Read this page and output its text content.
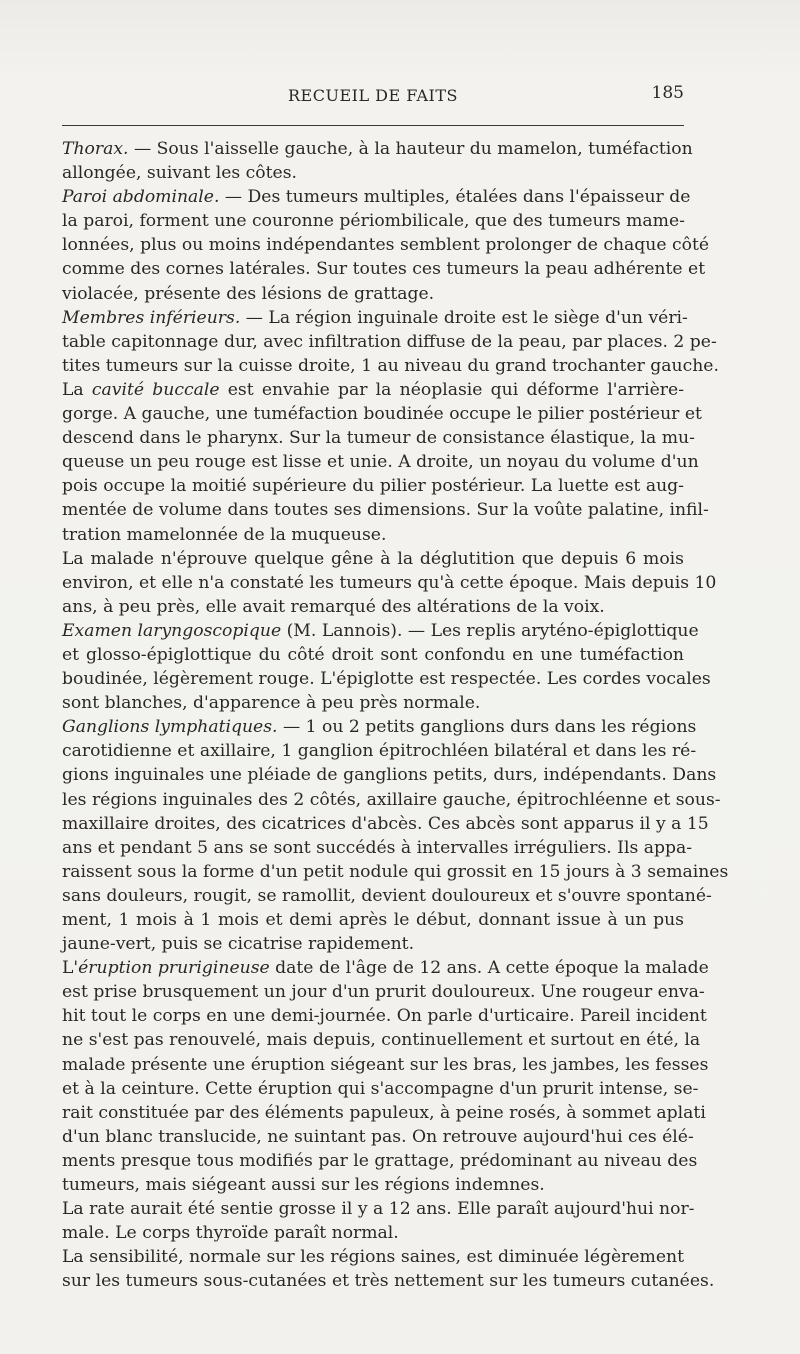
RECUEIL DE FAITS	185
Thorax. — Sous l'aisselle gauche, à la hauteur du mamelon, tuméfaction
allongée, suivant les côtes.
Paroi abdominale. — Des tumeurs multiples, étalées dans l'épaisseur de
la paroi, forment une couronne périombilicale, que des tumeurs mame-
lonnées, plus ou moins indépendantes semblent prolonger de chaque côté
comme des cornes latérales. Sur toutes ces tumeurs la peau adhérente et
violacée, présente des lésions de grattage.
Membres inférieurs. — La région inguinale droite est le siège d'un véri-
table capitonnage dur, avec infiltration diffuse de la peau, par places. 2 pe-
tites tumeurs sur la cuisse droite, 1 au niveau du grand trochanter gauche.
La cavité buccale est envahie par la néoplasie qui déforme l'arrière-
gorge. A gauche, une tuméfaction boudinée occupe le pilier postérieur et
descend dans le pharynx. Sur la tumeur de consistance élastique, la mu-
queuse un peu rouge est lisse et unie. A droite, un noyau du volume d'un
pois occupe la moitié supérieure du pilier postérieur. La luette est aug-
mentée de volume dans toutes ses dimensions. Sur la voûte palatine, infil-
tration mamelonnée de la muqueuse.
La malade n'éprouve quelque gêne à la déglutition que depuis 6 mois
environ, et elle n'a constaté les tumeurs qu'à cette époque. Mais depuis 10
ans, à peu près, elle avait remarqué des altérations de la voix.
Examen laryngoscopique (M. Lannois). — Les replis aryténo-épiglottique
et glosso-épiglottique du côté droit sont confondu en une tuméfaction
boudinée, légèrement rouge. L'épiglotte est respectée. Les cordes vocales
sont blanches, d'apparence à peu près normale.
Ganglions lymphatiques. — 1 ou 2 petits ganglions durs dans les régions
carotidienne et axillaire, 1 ganglion épitrochléen bilatéral et dans les ré-
gions inguinales une pléiade de ganglions petits, durs, indépendants. Dans
les régions inguinales des 2 côtés, axillaire gauche, épitrochléenne et sous-
maxillaire droites, des cicatrices d'abcès. Ces abcès sont apparus il y a 15
ans et pendant 5 ans se sont succédés à intervalles irréguliers. Ils appa-
raissent sous la forme d'un petit nodule qui grossit en 15 jours à 3 semaines
sans douleurs, rougit, se ramollit, devient douloureux et s'ouvre spontané-
ment, 1 mois à 1 mois et demi après le début, donnant issue à un pus
jaune-vert, puis se cicatrise rapidement.
L'éruption prurigineuse date de l'âge de 12 ans. A cette époque la malade
est prise brusquement un jour d'un prurit douloureux. Une rougeur enva-
hit tout le corps en une demi-journée. On parle d'urticaire. Pareil incident
ne s'est pas renouvelé, mais depuis, continuellement et surtout en été, la
malade présente une éruption siégeant sur les bras, les jambes, les fesses
et à la ceinture. Cette éruption qui s'accompagne d'un prurit intense, se-
rait constituée par des éléments papuleux, à peine rosés, à sommet aplati
d'un blanc translucide, ne suintant pas. On retrouve aujourd'hui ces élé-
ments presque tous modifiés par le grattage, prédominant au niveau des
tumeurs, mais siégeant aussi sur les régions indemnes.
La rate aurait été sentie grosse il y a 12 ans. Elle paraît aujourd'hui nor-
male. Le corps thyroïde paraît normal.
La sensibilité, normale sur les régions saines, est diminuée légèrement
sur les tumeurs sous-cutanées et très nettement sur les tumeurs cutanées.
